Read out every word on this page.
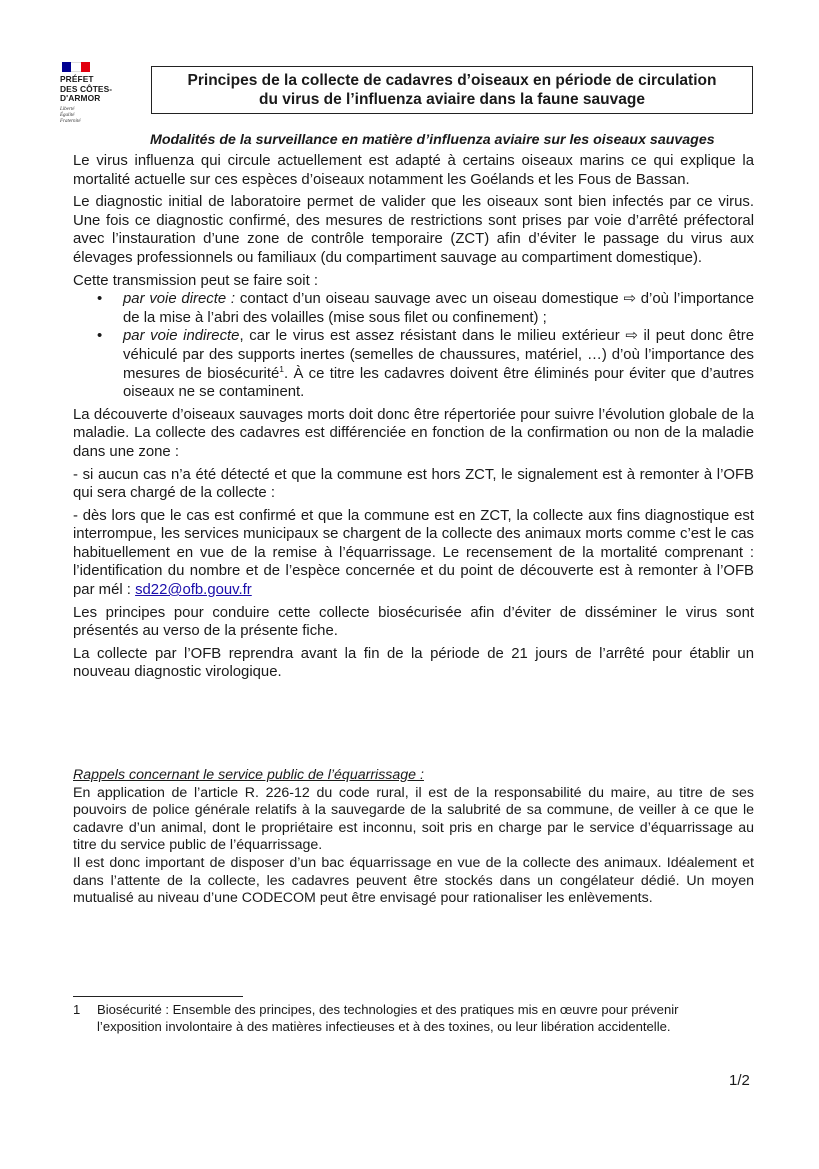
PRÉFET
DES CÔTES-
D'ARMOR
Liberté
Égalité
Fraternité
Principes de la collecte de cadavres d’oiseaux en période de circulation
du virus de l’influenza aviaire dans la faune sauvage
Modalités de la surveillance en matière d’influenza aviaire sur les oiseaux sauvages

Le virus influenza qui circule actuellement est adapté à certains oiseaux marins ce qui explique la mortalité actuelle sur ces espèces d’oiseaux notamment les Goélands et les Fous de Bassan.

Le diagnostic initial de laboratoire permet de valider que les oiseaux sont bien infectés par ce virus. Une fois ce diagnostic confirmé, des mesures de restrictions sont prises par voie d’arrêté préfectoral avec l’instauration d’une zone de contrôle temporaire (ZCT) afin d’éviter le passage du virus aux élevages professionnels ou familiaux (du compartiment sauvage au compartiment domestique).

Cette transmission peut se faire soit :

•	par voie directe : contact d’un oiseau sauvage avec un oiseau domestique ⇨ d’où l’importance de la mise à l’abri des volailles (mise sous filet ou confinement) ;
•	par voie indirecte, car le virus est assez résistant dans le milieu extérieur ⇨ il peut donc être véhiculé par des supports inertes (semelles de chaussures, matériel, …) d’où l’importance des mesures de biosécurité$^1$. À ce titre les cadavres doivent être éliminés pour éviter que d’autres oiseaux ne se contaminent.

La découverte d’oiseaux sauvages morts doit donc être répertoriée pour suivre l’évolution globale de la maladie. La collecte des cadavres est différenciée en fonction de la confirmation ou non de la maladie dans une zone :

- si aucun cas n’a été détecté et que la commune est hors ZCT, le signalement est à remonter à l’OFB qui sera chargé de la collecte :

- dès lors que le cas est confirmé et que la commune est en ZCT, la collecte aux fins diagnostique est interrompue, les services municipaux se chargent de la collecte des animaux morts comme c’est le cas habituellement en vue de la remise à l’équarrissage. Le recensement de la mortalité comprenant : l’identification du nombre et de l’espèce concernée et du point de découverte est à remonter à l’OFB par mél : sd22@ofb.gouv.fr

Les principes pour conduire cette collecte biosécurisée afin d’éviter de disséminer le virus sont présentés au verso de la présente fiche.

La collecte par l’OFB reprendra avant la fin de la période de 21 jours de l’arrêté pour établir un nouveau diagnostic virologique.

Rappels concernant le service public de l’équarrissage :

En application de l’article R. 226-12 du code rural, il est de la responsabilité du maire, au titre de ses pouvoirs de police générale relatifs à la sauvegarde de la salubrité de sa commune, de veiller à ce que le cadavre d’un animal, dont le propriétaire est inconnu, soit pris en charge par le service d’équarrissage au titre du service public de l’équarrissage.

Il est donc important de disposer d’un bac équarrissage en vue de la collecte des animaux. Idéalement et dans l’attente de la collecte, les cadavres peuvent être stockés dans un congélateur dédié. Un moyen mutualisé au niveau d’une CODECOM peut être envisagé pour rationaliser les enlèvements.

1	Biosécurité : Ensemble des principes, des technologies et des pratiques mis en œuvre pour prévenir l’exposition involontaire à des matières infectieuses et à des toxines, ou leur libération accidentelle.
1/2
